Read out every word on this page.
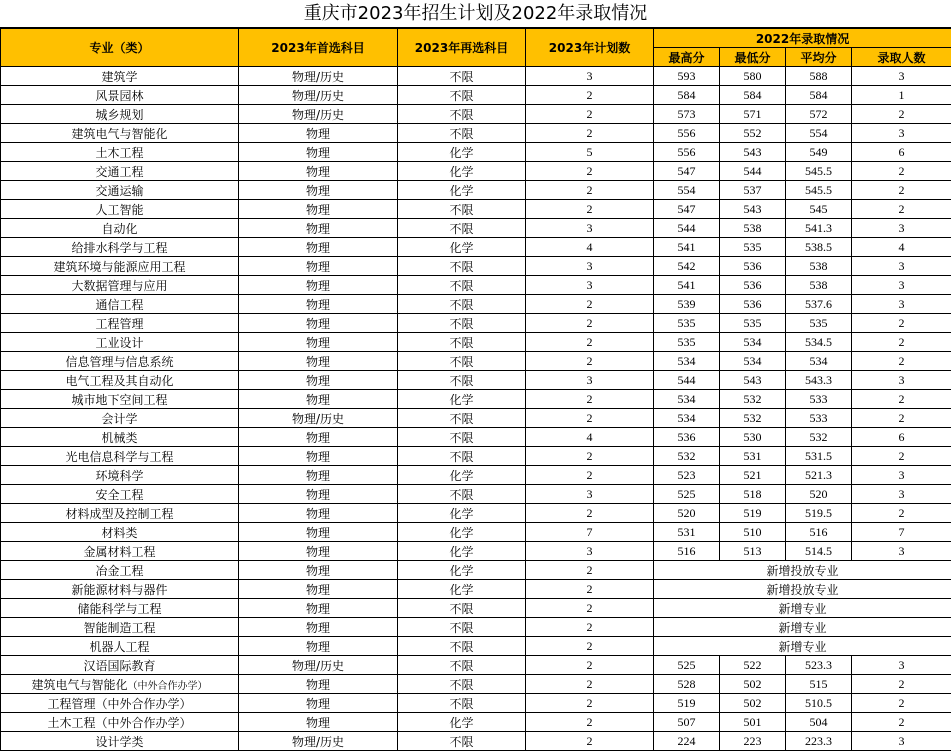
重庆市2023年招生计划及2022年录取情况
专业（类）	2023年首选科目	2023年再选科目	2023年计划数	2022年录取情况			
				最高分	最低分	平均分	录取人数
建筑学	物理/历史	不限	3	593	580	588	3
风景园林	物理/历史	不限	2	584	584	584	1
城乡规划	物理/历史	不限	2	573	571	572	2
建筑电气与智能化	物理	不限	2	556	552	554	3
土木工程	物理	化学	5	556	543	549	6
交通工程	物理	化学	2	547	544	545.5	2
交通运输	物理	化学	2	554	537	545.5	2
人工智能	物理	不限	2	547	543	545	2
自动化	物理	不限	3	544	538	541.3	3
给排水科学与工程	物理	化学	4	541	535	538.5	4
建筑环境与能源应用工程	物理	不限	3	542	536	538	3
大数据管理与应用	物理	不限	3	541	536	538	3
通信工程	物理	不限	2	539	536	537.6	3
工程管理	物理	不限	2	535	535	535	2
工业设计	物理	不限	2	535	534	534.5	2
信息管理与信息系统	物理	不限	2	534	534	534	2
电气工程及其自动化	物理	不限	3	544	543	543.3	3
城市地下空间工程	物理	化学	2	534	532	533	2
会计学	物理/历史	不限	2	534	532	533	2
机械类	物理	不限	4	536	530	532	6
光电信息科学与工程	物理	不限	2	532	531	531.5	2
环境科学	物理	化学	2	523	521	521.3	3
安全工程	物理	不限	3	525	518	520	3
材料成型及控制工程	物理	化学	2	520	519	519.5	2
材料类	物理	化学	7	531	510	516	7
金属材料工程	物理	化学	3	516	513	514.5	3
冶金工程	物理	化学	2	新增投放专业			
新能源材料与器件	物理	化学	2	新增投放专业			
储能科学与工程	物理	不限	2	新增专业			
智能制造工程	物理	不限	2	新增专业			
机器人工程	物理	不限	2	新增专业			
汉语国际教育	物理/历史	不限	2	525	522	523.3	3
建筑电气与智能化（中外合作办学）	物理	不限	2	528	502	515	2
工程管理（中外合作办学）	物理	不限	2	519	502	510.5	2
土木工程（中外合作办学）	物理	化学	2	507	501	504	2
设计学类	物理/历史	不限	2	224	223	223.3	3
